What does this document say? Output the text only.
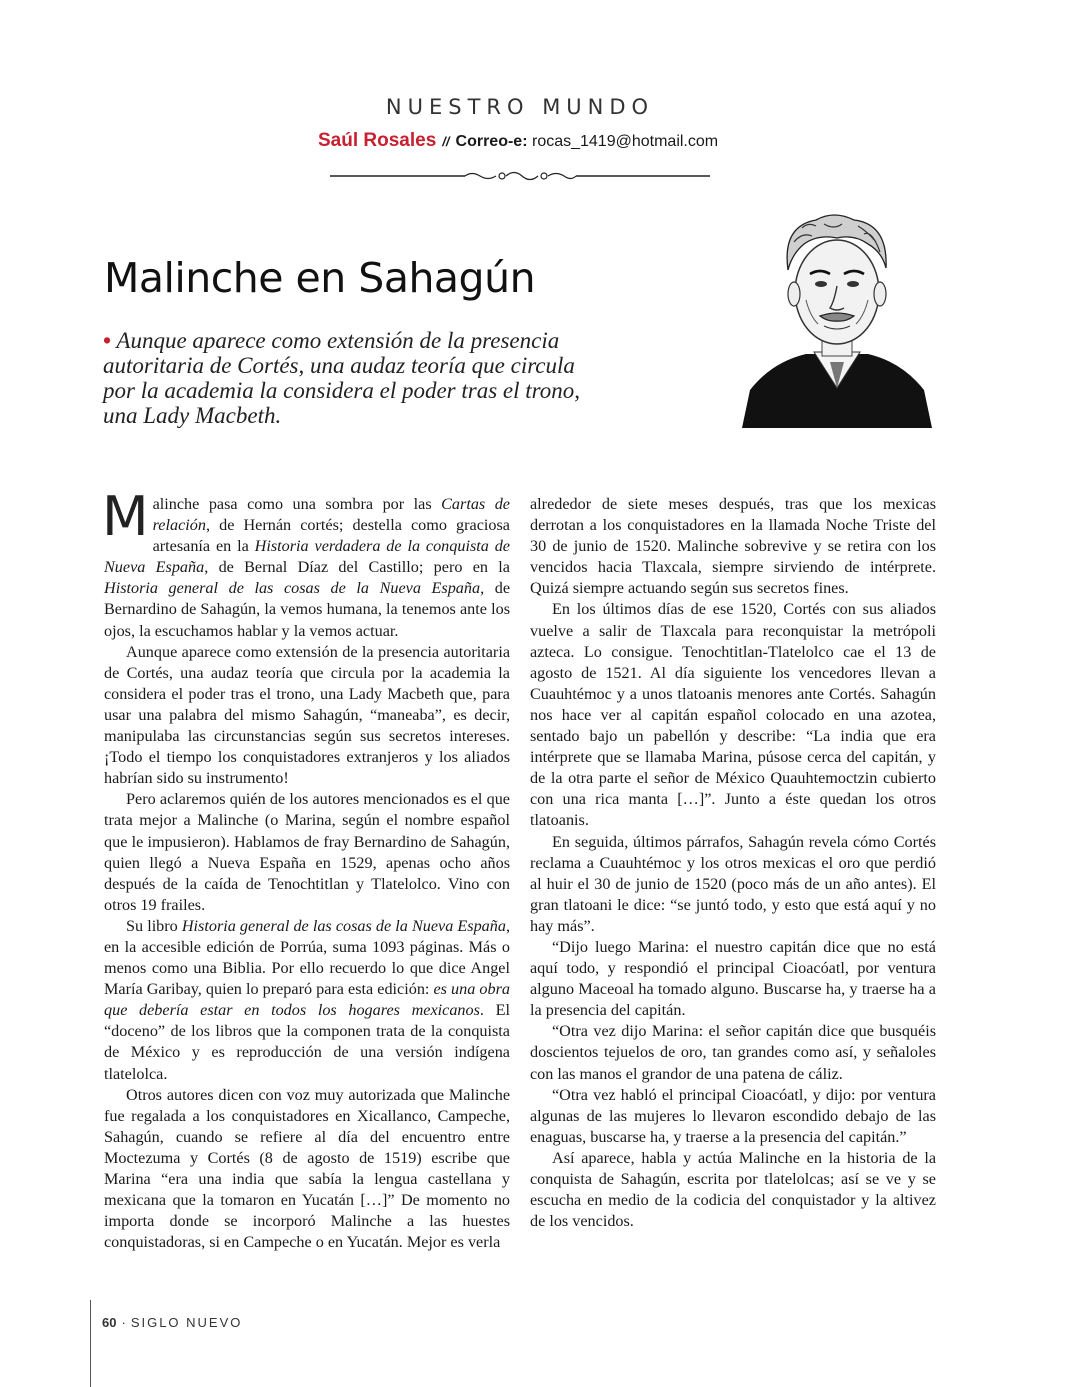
NUESTRO MUNDO
Saúl Rosales // Correo-e: rocas_1419@hotmail.com
Malinche en Sahagún
• Aunque aparece como extensión de la presencia autoritaria de Cortés, una audaz teoría que circula por la academia la considera el poder tras el trono, una Lady Macbeth.

Malinche pasa como una sombra por las Cartas de relación, de Hernán cortés; destella como graciosa artesanía en la Historia verdadera de la conquista de Nueva España, de Bernal Díaz del Castillo; pero en la Historia general de las cosas de la Nueva España, de Bernardino de Sahagún, la vemos humana, la tenemos ante los ojos, la escuchamos hablar y la vemos actuar.

Aunque aparece como extensión de la presencia autoritaria de Cortés, una audaz teoría que circula por la academia la considera el poder tras el trono, una Lady Macbeth que, para usar una palabra del mismo Sahagún, “maneaba”, es decir, manipulaba las circunstancias según sus secretos intereses. ¡Todo el tiempo los conquistadores extranjeros y los aliados habrían sido su instrumento!

Pero aclaremos quién de los autores mencionados es el que trata mejor a Malinche (o Marina, según el nombre español que le impusieron). Hablamos de fray Bernardino de Sahagún, quien llegó a Nueva España en 1529, apenas ocho años después de la caída de Tenochtitlan y Tlatelolco. Vino con otros 19 frailes.

Su libro Historia general de las cosas de la Nueva España, en la accesible edición de Porrúa, suma 1093 páginas. Más o menos como una Biblia. Por ello recuerdo lo que dice Angel María Garibay, quien lo preparó para esta edición: es una obra que debería estar en todos los hogares mexicanos. El “doceno” de los libros que la componen trata de la conquista de México y es reproducción de una versión indígena tlatelolca.

Otros autores dicen con voz muy autorizada que Malinche fue regalada a los conquistadores en Xicallanco, Campeche, Sahagún, cuando se refiere al día del encuentro entre Moctezuma y Cortés (8 de agosto de 1519) escribe que Marina “era una india que sabía la lengua castellana y mexicana que la tomaron en Yucatán […]” De momento no importa donde se incorporó Malinche a las huestes conquistadoras, si en Campeche o en Yucatán. Mejor es verla

alrededor de siete meses después, tras que los mexicas derrotan a los conquistadores en la llamada Noche Triste del 30 de junio de 1520. Malinche sobrevive y se retira con los vencidos hacia Tlaxcala, siempre sirviendo de intérprete. Quizá siempre actuando según sus secretos fines.

En los últimos días de ese 1520, Cortés con sus aliados vuelve a salir de Tlaxcala para reconquistar la metrópoli azteca. Lo consigue. Tenochtitlan-Tlatelolco cae el 13 de agosto de 1521. Al día siguiente los vencedores llevan a Cuauhtémoc y a unos tlatoanis menores ante Cortés. Sahagún nos hace ver al capitán español colocado en una azotea, sentado bajo un pabellón y describe: “La india que era intérprete que se llamaba Marina, púsose cerca del capitán, y de la otra parte el señor de México Quauhtemoctzin cubierto con una rica manta […]”. Junto a éste quedan los otros tlatoanis.

En seguida, últimos párrafos, Sahagún revela cómo Cortés reclama a Cuauhtémoc y los otros mexicas el oro que perdió al huir el 30 de junio de 1520 (poco más de un año antes). El gran tlatoani le dice: “se juntó todo, y esto que está aquí y no hay más”.

“Dijo luego Marina: el nuestro capitán dice que no está aquí todo, y respondió el principal Cioacóatl, por ventura alguno Maceoal ha tomado alguno. Buscarse ha, y traerse ha a la presencia del capitán.

“Otra vez dijo Marina: el señor capitán dice que busquéis doscientos tejuelos de oro, tan grandes como así, y señaloles con las manos el grandor de una patena de cáliz.

“Otra vez habló el principal Cioacóatl, y dijo: por ventura algunas de las mujeres lo llevaron escondido debajo de las enaguas, buscarse ha, y traerse a la presencia del capitán.”

Así aparece, habla y actúa Malinche en la historia de la conquista de Sahagún, escrita por tlatelolcas; así se ve y se escucha en medio de la codicia del conquistador y la altivez de los vencidos.

60 · SIGLO NUEVO
